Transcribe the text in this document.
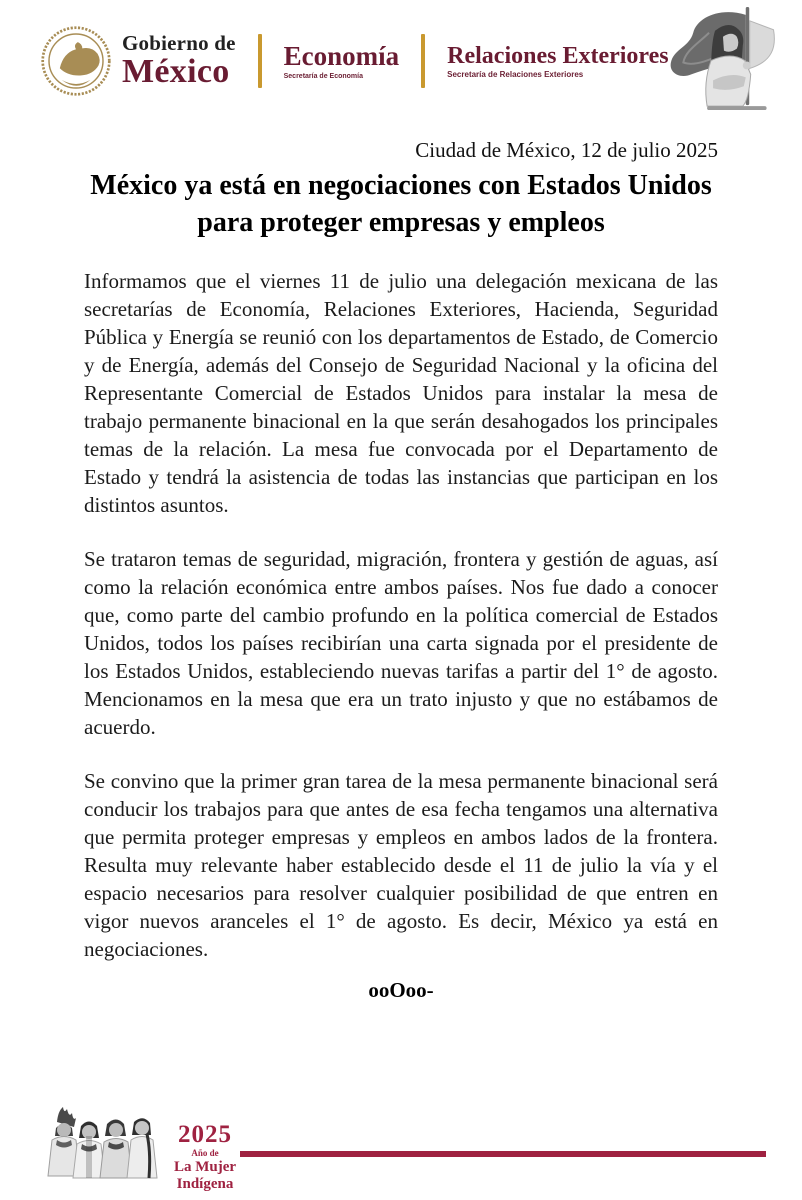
Gobierno de
México Economía
Secretaría de Economía
Relaciones Exteriores
Secretaría de Relaciones Exteriores
Ciudad de México, 12 de julio 2025
México ya está en negociaciones con Estados Unidos para proteger empresas y empleos

Informamos que el viernes 11 de julio una delegación mexicana de las secretarías de Economía, Relaciones Exteriores, Hacienda, Seguridad Pública y Energía se reunió con los departamentos de Estado, de Comercio y de Energía, además del Consejo de Seguridad Nacional y la oficina del Representante Comercial de Estados Unidos para instalar la mesa de trabajo permanente binacional en la que serán desahogados los principales temas de la relación. La mesa fue convocada por el Departamento de Estado y tendrá la asistencia de todas las instancias que participan en los distintos asuntos.

Se trataron temas de seguridad, migración, frontera y gestión de aguas, así como la relación económica entre ambos países. Nos fue dado a conocer que, como parte del cambio profundo en la política comercial de Estados Unidos, todos los países recibirían una carta signada por el presidente de los Estados Unidos, estableciendo nuevas tarifas a partir del 1° de agosto. Mencionamos en la mesa que era un trato injusto y que no estábamos de acuerdo.

Se convino que la primer gran tarea de la mesa permanente binacional será conducir los trabajos para que antes de esa fecha tengamos una alternativa que permita proteger empresas y empleos en ambos lados de la frontera. Resulta muy relevante haber establecido desde el 11 de julio la vía y el espacio necesarios para resolver cualquier posibilidad de que entren en vigor nuevos aranceles el 1° de agosto. Es decir, México ya está en negociaciones.

ooOoo-
2025
Año de
La Mujer
Indígena
